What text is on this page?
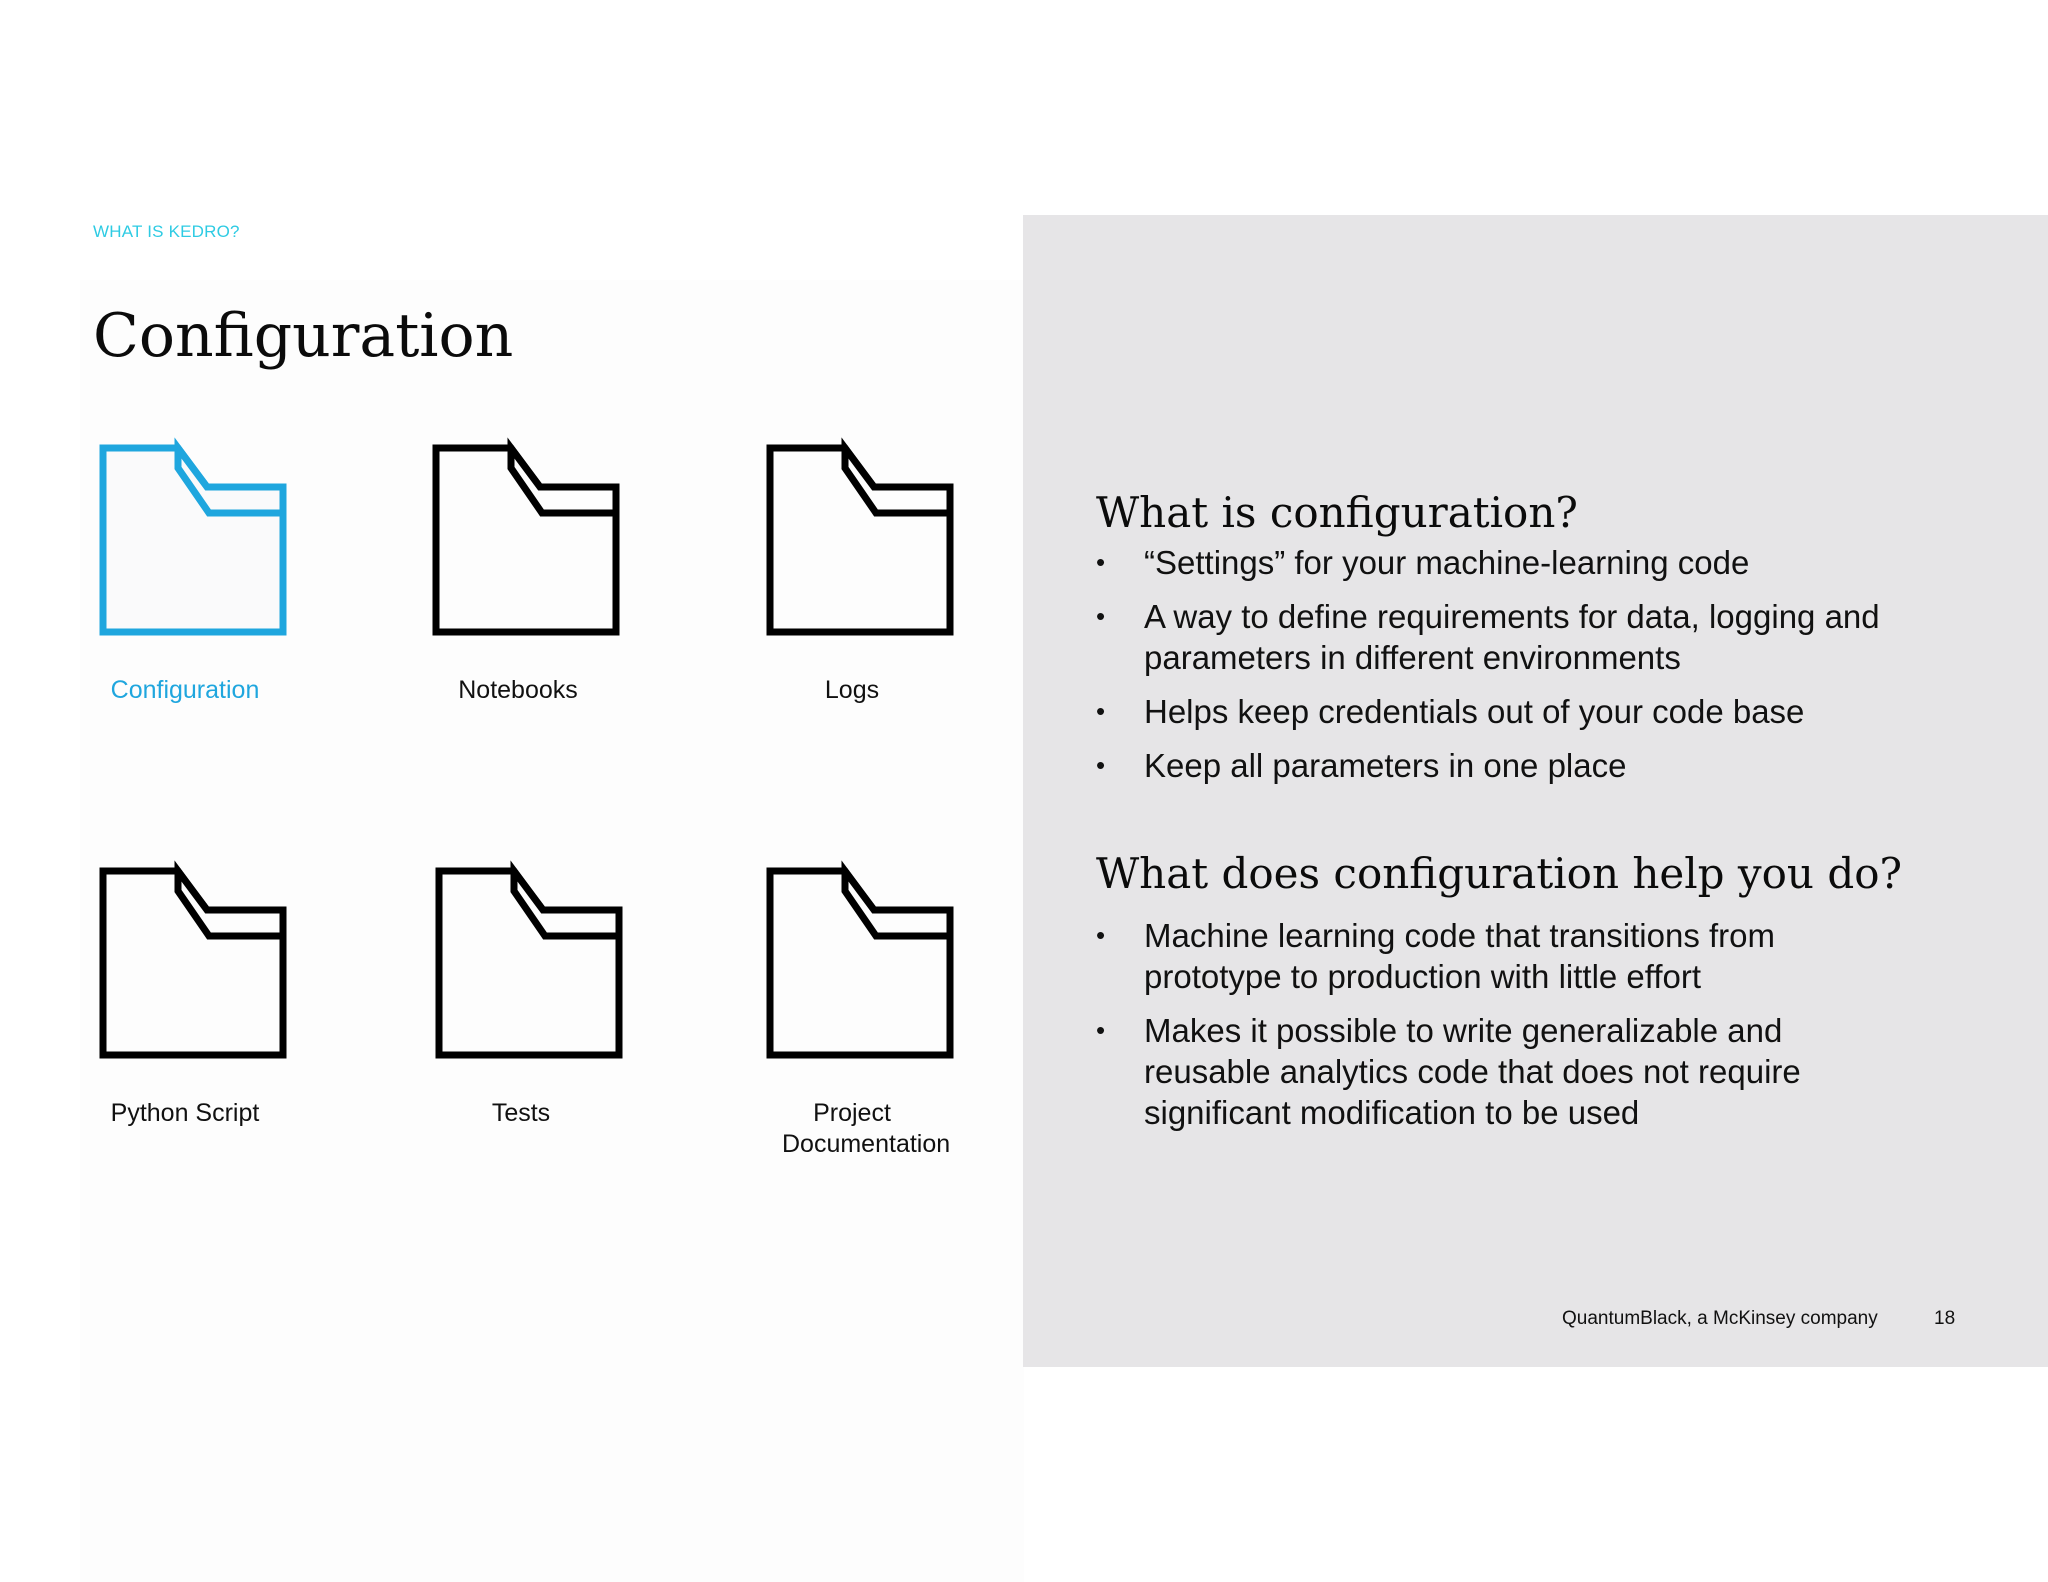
WHAT IS KEDRO?
Configuration
Configuration	Notebooks	Logs
Python Script	Tests	Project Documentation
What is configuration?
• “Settings” for your machine-learning code
• A way to define requirements for data, logging and parameters in different environments
• Helps keep credentials out of your code base
• Keep all parameters in one place
What does configuration help you do?
• Machine learning code that transitions from prototype to production with little effort
• Makes it possible to write generalizable and reusable analytics code that does not require significant modification to be used
QuantumBlack, a McKinsey company	18
